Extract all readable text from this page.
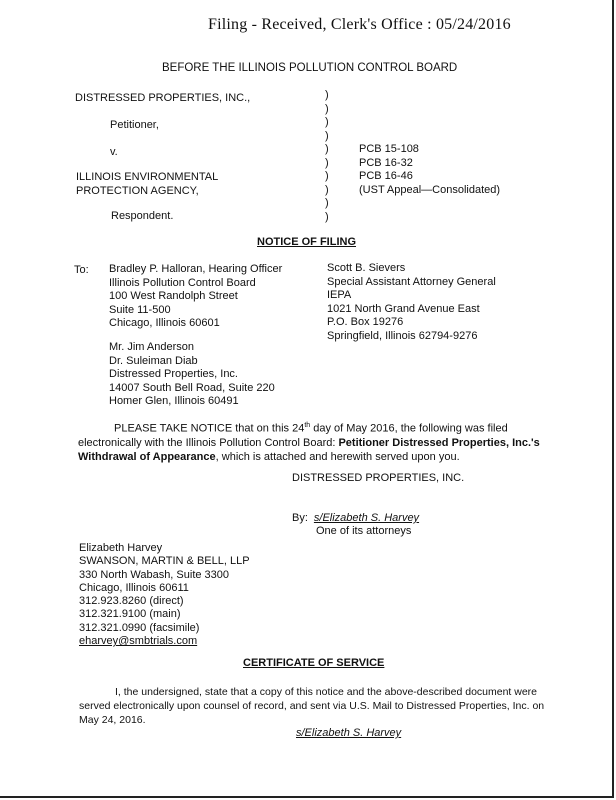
Filing - Received, Clerk's Office : 05/24/2016
BEFORE THE ILLINOIS POLLUTION CONTROL BOARD
DISTRESSED PROPERTIES, INC.,
Petitioner,
v.
ILLINOIS ENVIRONMENTAL
PROTECTION AGENCY,
Respondent.
)
)
)
)
)
)
)
)
)
)
PCB 15-108
PCB 16-32
PCB 16-46
(UST Appeal—Consolidated)
NOTICE OF FILING
To: Bradley P. Halloran, Hearing Officer
Illinois Pollution Control Board
100 West Randolph Street
Suite 11-500
Chicago, Illinois 60601
Scott B. Sievers
Special Assistant Attorney General
IEPA
1021 North Grand Avenue East
P.O. Box 19276
Springfield, Illinois 62794-9276
Mr. Jim Anderson
Dr. Suleiman Diab
Distressed Properties, Inc.
14007 South Bell Road, Suite 220
Homer Glen, Illinois 60491

PLEASE TAKE NOTICE that on this 24th day of May 2016, the following was filed electronically with the Illinois Pollution Control Board: Petitioner Distressed Properties, Inc.'s Withdrawal of Appearance, which is attached and herewith served upon you.

DISTRESSED PROPERTIES, INC.
By: s/Elizabeth S. Harvey
One of its attorneys
Elizabeth Harvey
SWANSON, MARTIN & BELL, LLP
330 North Wabash, Suite 3300
Chicago, Illinois 60611
312.923.8260 (direct)
312.321.9100 (main)
312.321.0990 (facsimile)
eharvey@smbtrials.com
CERTIFICATE OF SERVICE

I, the undersigned, state that a copy of this notice and the above-described document were served electronically upon counsel of record, and sent via U.S. Mail to Distressed Properties, Inc. on May 24, 2016.

s/Elizabeth S. Harvey
